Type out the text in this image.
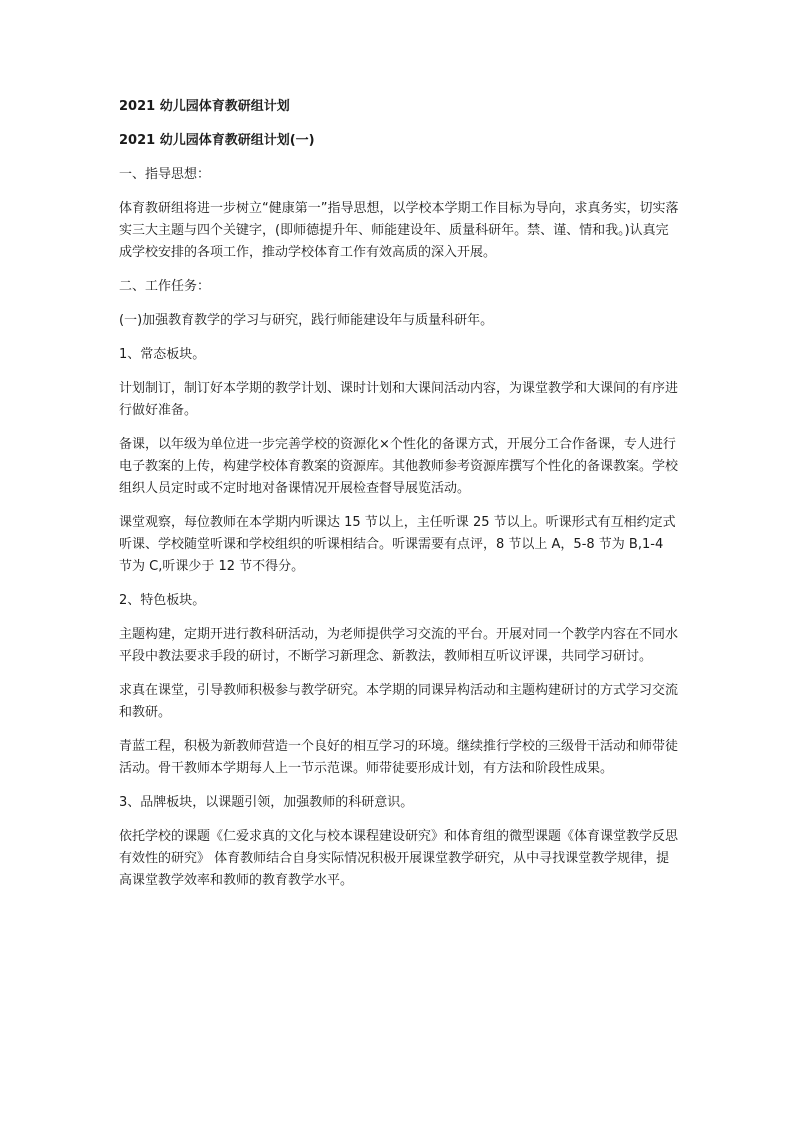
2021 幼儿园体育教研组计划

2021 幼儿园体育教研组计划(一)

一、指导思想：

体育教研组将进一步树立“健康第一”指导思想，以学校本学期工作目标为导向，求真务实，切实落实三大主题与四个关键字，(即师德提升年、师能建设年、质量科研年。禁、谨、情和我。)认真完成学校安排的各项工作，推动学校体育工作有效高质的深入开展。

二、工作任务：

(一)加强教育教学的学习与研究，践行师能建设年与质量科研年。

1、常态板块。

计划制订，制订好本学期的教学计划、课时计划和大课间活动内容，为课堂教学和大课间的有序进行做好准备。

备课，以年级为单位进一步完善学校的资源化×个性化的备课方式，开展分工合作备课，专人进行电子教案的上传，构建学校体育教案的资源库。其他教师参考资源库撰写个性化的备课教案。学校组织人员定时或不定时地对备课情况开展检查督导展览活动。

课堂观察，每位教师在本学期内听课达 15 节以上，主任听课 25 节以上。听课形式有互相约定式听课、学校随堂听课和学校组织的听课相结合。听课需要有点评，8 节以上 A，5-8 节为 B,1-4 节为 C,听课少于 12 节不得分。

2、特色板块。

主题构建，定期开进行教科研活动，为老师提供学习交流的平台。开展对同一个教学内容在不同水平段中教法要求手段的研讨，不断学习新理念、新教法，教师相互听议评课，共同学习研讨。

求真在课堂，引导教师积极参与教学研究。本学期的同课异构活动和主题构建研讨的方式学习交流和教研。

青蓝工程，积极为新教师营造一个良好的相互学习的环境。继续推行学校的三级骨干活动和师带徒活动。骨干教师本学期每人上一节示范课。师带徒要形成计划，有方法和阶段性成果。

3、品牌板块，以课题引领，加强教师的科研意识。

依托学校的课题《仁爱求真的文化与校本课程建设研究》和体育组的微型课题《体育课堂教学反思有效性的研究》 体育教师结合自身实际情况积极开展课堂教学研究，从中寻找课堂教学规律，提高课堂教学效率和教师的教育教学水平。
